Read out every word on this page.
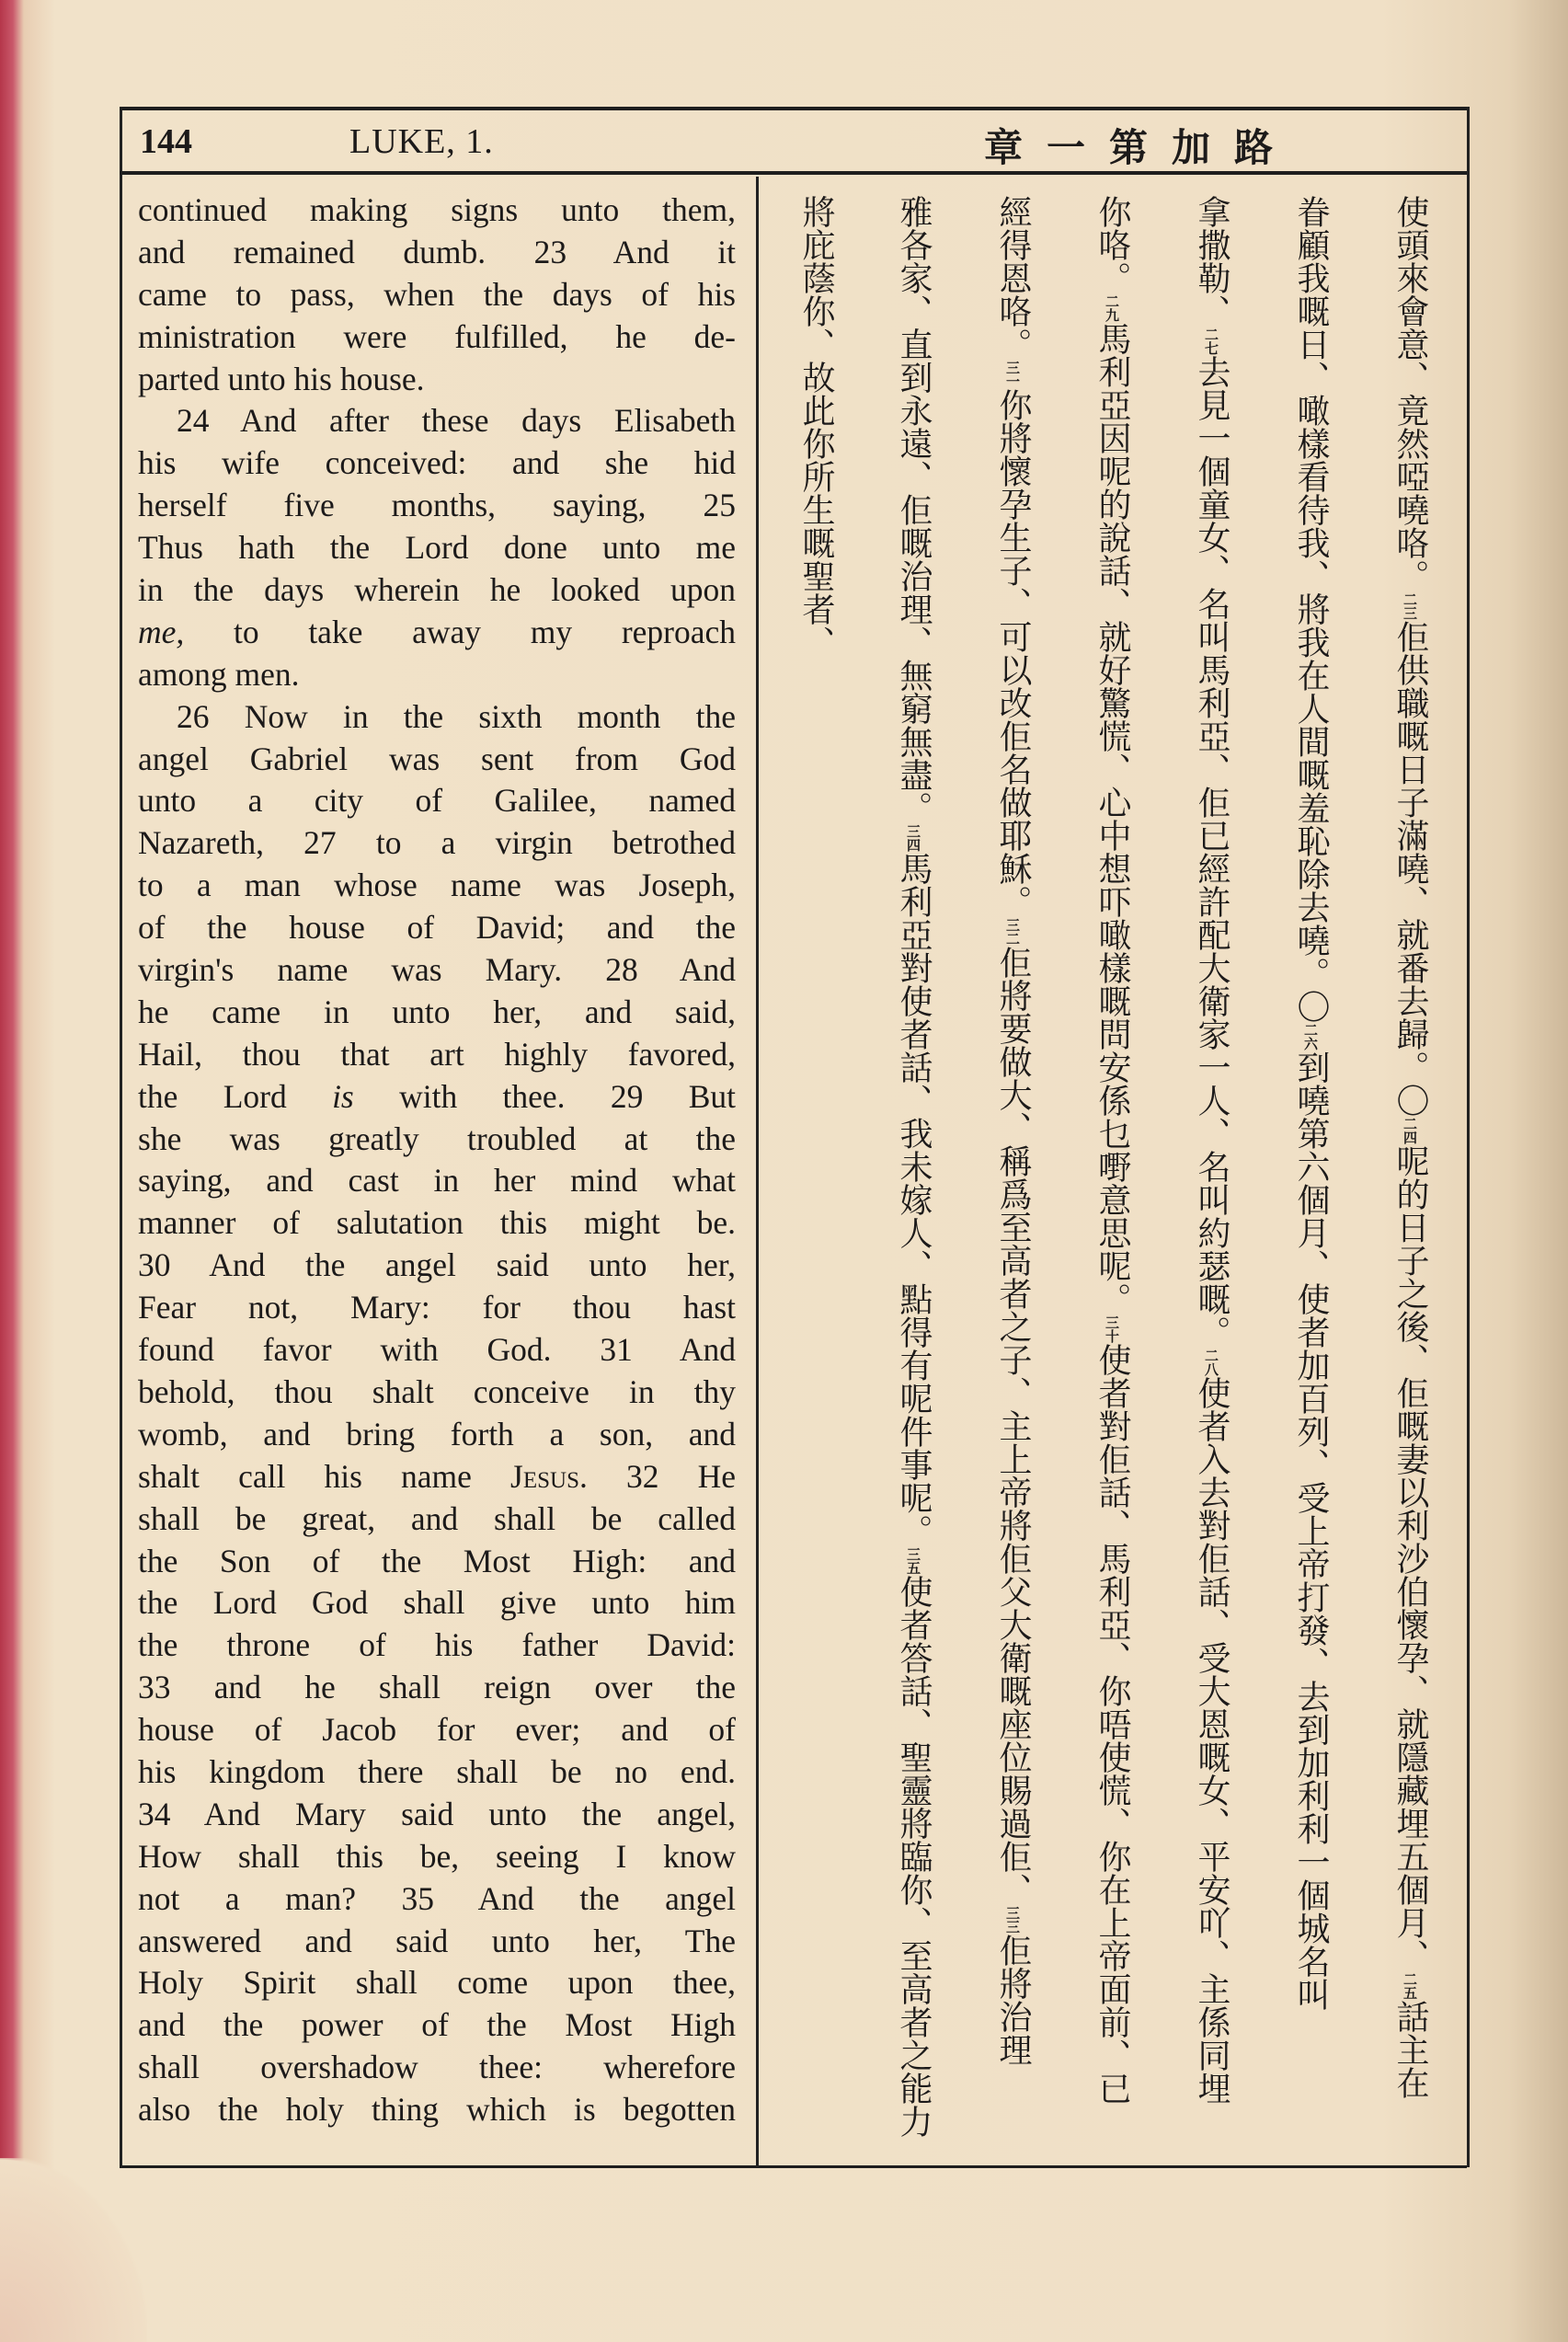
144	LUKE, 1.	章一第加路
continued making signs unto them,
and remained dumb. 23 And it
came to pass, when the days of his
ministration were fulfilled, he de-
parted unto his house.
24 And after these days Elisabeth
his wife conceived: and she hid
herself five months, saying, 25
Thus hath the Lord done unto me
in the days wherein he looked upon
me, to take away my reproach
among men.
26 Now in the sixth month the
angel Gabriel was sent from God
unto a city of Galilee, named
Nazareth, 27 to a virgin betrothed
to a man whose name was Joseph,
of the house of David; and the
virgin's name was Mary. 28 And
he came in unto her, and said,
Hail, thou that art highly favored,
the Lord is with thee. 29 But
she was greatly troubled at the
saying, and cast in her mind what
manner of salutation this might be.
30 And the angel said unto her,
Fear not, Mary: for thou hast
found favor with God. 31 And
behold, thou shalt conceive in thy
womb, and bring forth a son, and
shalt call his name Jesus. 32 He
shall be great, and shall be called
the Son of the Most High: and
the Lord God shall give unto him
the throne of his father David:
33 and he shall reign over the
house of Jacob for ever; and of
his kingdom there shall be no end.
34 And Mary said unto the angel,
How shall this be, seeing I know
not a man? 35 And the angel
answered and said unto her, The
Holy Spirit shall come upon thee,
and the power of the Most High
shall overshadow thee: wherefore
also the holy thing which is begotten
使頭來會意、竟然啞嘵咯。二三佢供職嘅日子滿嘵、就番去歸。〇二四呢的日子之後、佢嘅妻以利沙伯懷孕、就隱藏埋五個月、二五話主在
眷顧我嘅日、噉樣看待我、將我在人間嘅羞恥除去嘵。〇二六到嘵第六個月、使者加百列、受上帝打發、去到加利利一個城名叫
拿撒勒、二七去見一個童女、名叫馬利亞、佢已經許配大衛家一人、名叫約瑟嘅。二八使者入去對佢話、受大恩嘅女、平安吖、主係同埋
你咯。二九馬利亞因呢的說話、就好驚慌、心中想吓噉樣嘅問安係乜嘢意思呢。三十使者對佢話、馬利亞、你唔使慌、你在上帝面前、已
經得恩咯。三一你將懷孕生子、可以改佢名做耶穌。三二佢將要做大、稱爲至高者之子、主上帝將佢父大衛嘅座位賜過佢、三三佢將治理
雅各家、直到永遠、佢嘅治理、無窮無盡。三四馬利亞對使者話、我未嫁人、點得有呢件事呢。三五使者答話、聖靈將臨你、至高者之能力
將庇蔭你、故此你所生嘅聖者、
